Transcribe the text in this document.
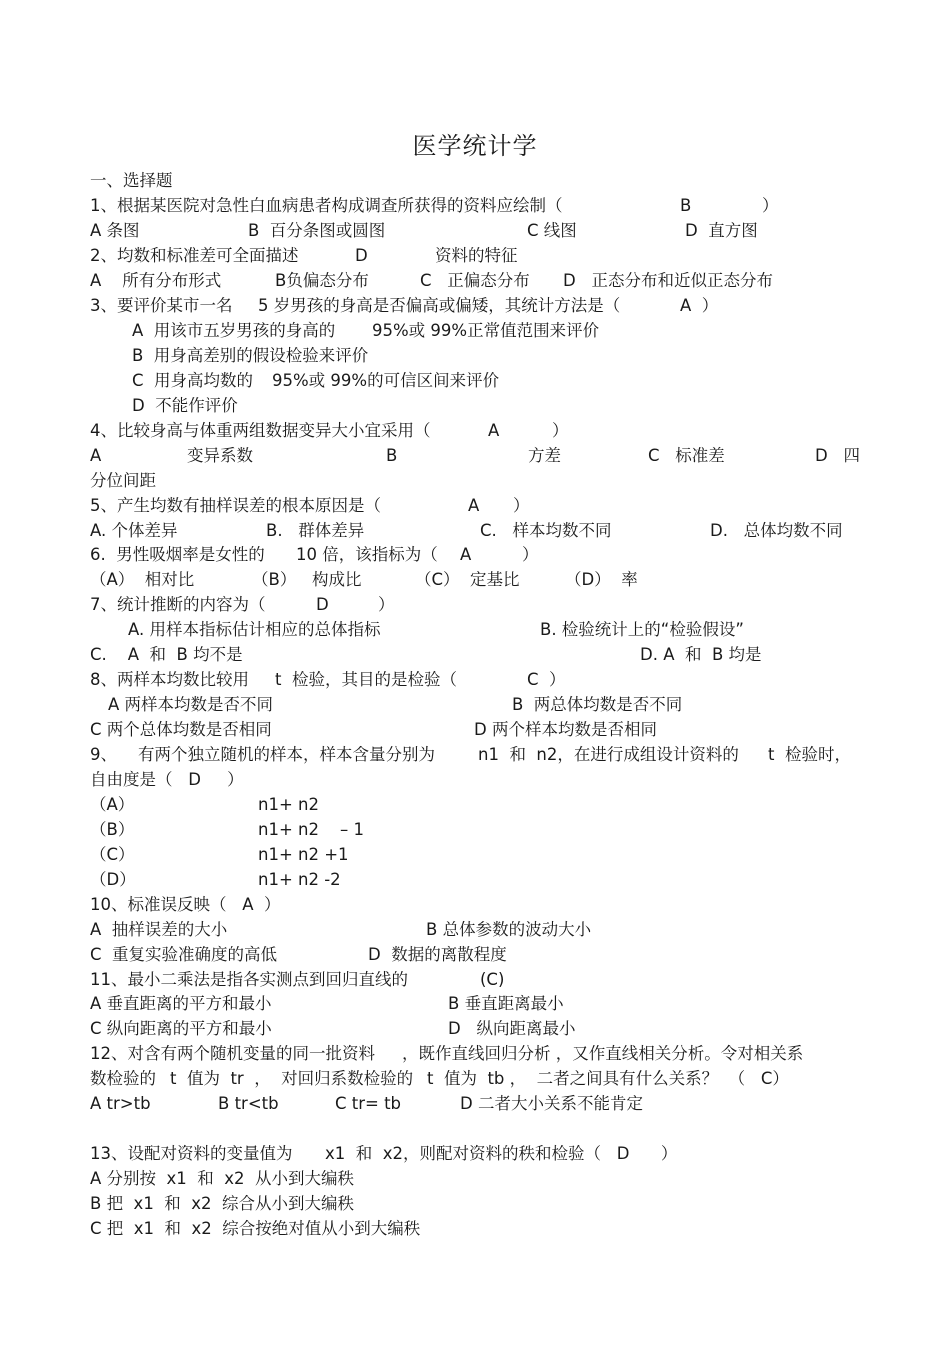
医学统计学
一、选择题
1、根据某医院对急性白血病患者构成调查所获得的资料应绘制（	B	）
A 条图	B  百分条图或圆图	C 线图	D  直方图
2、均数和标准差可全面描述	D	资料的特征
A    所有分布形式	B负偏态分布	C   正偏态分布 D   正态分布和近似正态分布
3、要评价某市一名 5 岁男孩的身高是否偏高或偏矮，其统计方法是（	A  ）
A  用该市五岁男孩的身高的 95%或 99%正常值范围来评价
B  用身高差别的假设检验来评价
C  用身高均数的 95%或 99%的可信区间来评价
D  不能作评价
4、比较身高与体重两组数据变异大小宜采用（	A	）
A	变异系数	B	方差	C   标准差	D   四
分位间距
5、产生均数有抽样误差的根本原因是（	A ）
A. 个体差异	B.   群体差异	C.   样本均数不同	D.   总体均数不同
6.  男性吸烟率是女性的 10 倍，该指标为（ A	）
（A）  相对比	（B）   构成比	（C）  定基比	（D）  率
7、统计推断的内容为（	D	）
A. 用样本指标估计相应的总体指标	B. 检验统计上的“检验假设”
C.    A  和  B 均不是	D. A  和  B 均是
8、两样本均数比较用 t  检验，其目的是检验（	C  ）
A 两样本均数是否不同	B  两总体均数是否不同
C 两个总体均数是否相同	D 两个样本均数是否相同
9、    有两个独立随机的样本，样本含量分别为	n1  和  n2，在进行成组设计资料的 t  检验时，
自由度是（   D     ）
（A）	n1+ n2
（B）	n1+ n2    – 1
（C）	n1+ n2 +1
（D）	n1+ n2 -2
10、标准误反映（   A  ）
A  抽样误差的大小	B 总体参数的波动大小
C  重复实验准确度的高低	D  数据的离散程度
11、最小二乘法是指各实测点到回归直线的	(C)
A 垂直距离的平方和最小	B 垂直距离最小
C 纵向距离的平方和最小	D   纵向距离最小
12、对含有两个随机变量的同一批资料 ，既作直线回归分析 ，又作直线相关分析。令对相关系
数检验的 t  值为  tr  ，  对回归系数检验的 t  值为  tb ，  二者之间具有什么关系？  （   C）
A tr>tb	B tr<tb	C tr= tb	D 二者大小关系不能肯定
13、设配对资料的变量值为 x1  和  x2，则配对资料的秩和检验（   D      ）
A 分别按  x1  和  x2  从小到大编秩
B 把  x1  和  x2  综合从小到大编秩
C 把  x1  和  x2  综合按绝对值从小到大编秩
